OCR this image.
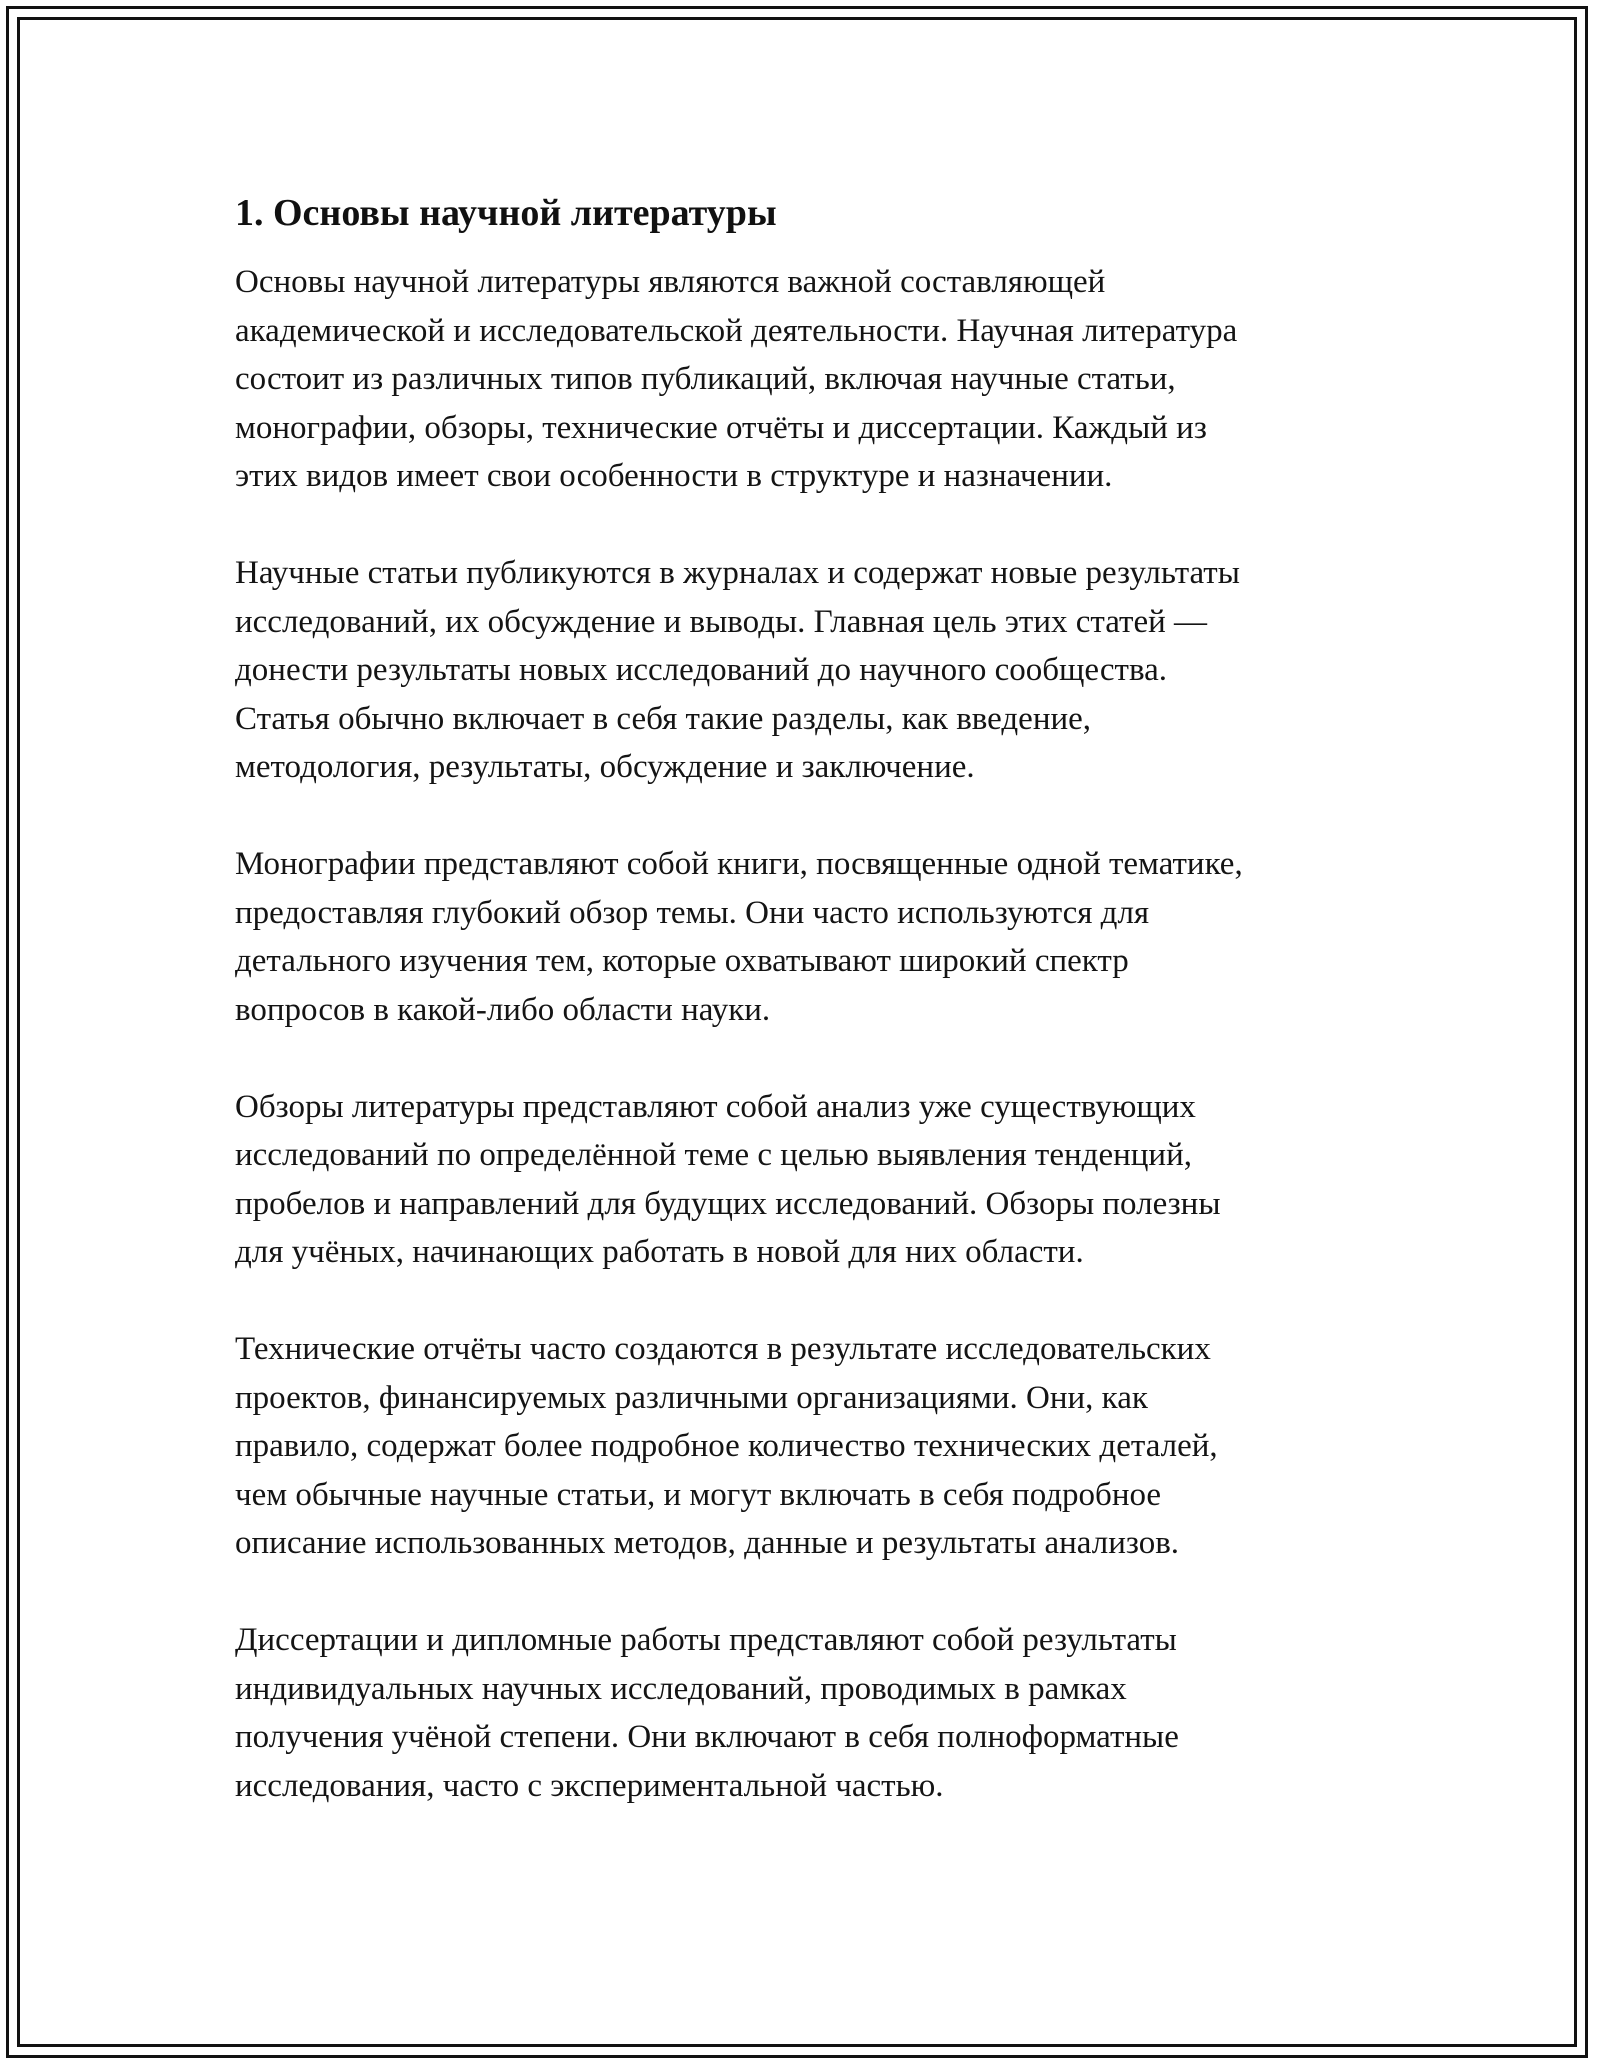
1. Основы научной литературы

Основы научной литературы являются важной составляющей
академической и исследовательской деятельности. Научная литература
состоит из различных типов публикаций, включая научные статьи,
монографии, обзоры, технические отчёты и диссертации. Каждый из
этих видов имеет свои особенности в структуре и назначении.

Научные статьи публикуются в журналах и содержат новые результаты
исследований, их обсуждение и выводы. Главная цель этих статей —
донести результаты новых исследований до научного сообщества.
Статья обычно включает в себя такие разделы, как введение,
методология, результаты, обсуждение и заключение.

Монографии представляют собой книги, посвященные одной тематике,
предоставляя глубокий обзор темы. Они часто используются для
детального изучения тем, которые охватывают широкий спектр
вопросов в какой-либо области науки.

Обзоры литературы представляют собой анализ уже существующих
исследований по определённой теме с целью выявления тенденций,
пробелов и направлений для будущих исследований. Обзоры полезны
для учёных, начинающих работать в новой для них области.

Технические отчёты часто создаются в результате исследовательских
проектов, финансируемых различными организациями. Они, как
правило, содержат более подробное количество технических деталей,
чем обычные научные статьи, и могут включать в себя подробное
описание использованных методов, данные и результаты анализов.

Диссертации и дипломные работы представляют собой результаты
индивидуальных научных исследований, проводимых в рамках
получения учёной степени. Они включают в себя полноформатные
исследования, часто с экспериментальной частью.
